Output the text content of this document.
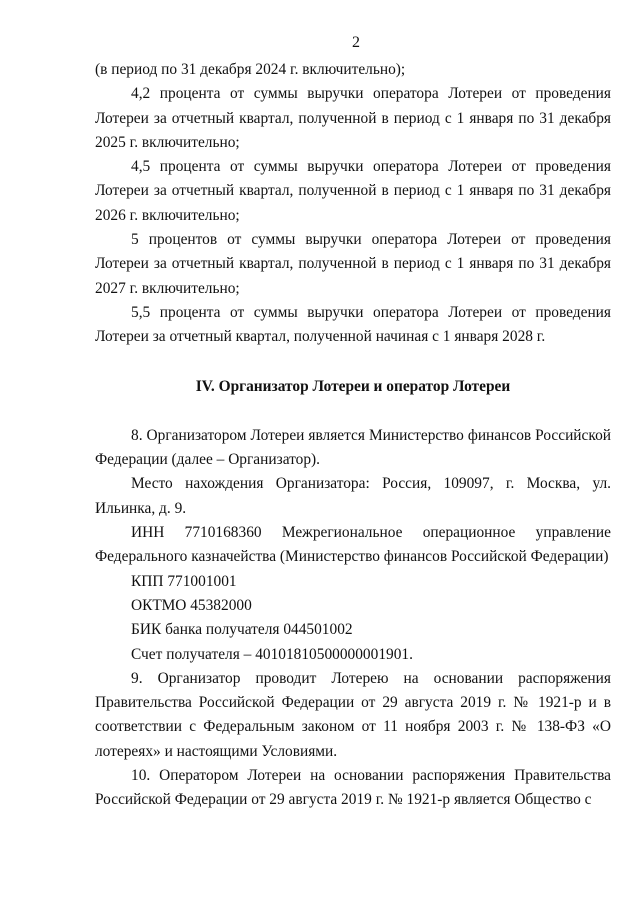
2

(в период по 31 декабря 2024 г. включительно);

4,2 процента от суммы выручки оператора Лотереи от проведения Лотереи за отчетный квартал, полученной в период с 1 января по 31 декабря 2025 г. включительно;

4,5 процента от суммы выручки оператора Лотереи от проведения Лотереи за отчетный квартал, полученной в период с 1 января по 31 декабря 2026 г. включительно;

5 процентов от суммы выручки оператора Лотереи от проведения Лотереи за отчетный квартал, полученной в период с 1 января по 31 декабря 2027 г. включительно;

5,5 процента от суммы выручки оператора Лотереи от проведения Лотереи за отчетный квартал, полученной начиная с 1 января 2028 г.

IV. Организатор Лотереи и оператор Лотереи

8. Организатором Лотереи является Министерство финансов Российской Федерации (далее – Организатор).

Место нахождения Организатора: Россия, 109097, г. Москва, ул. Ильинка, д. 9.

ИНН 7710168360 Межрегиональное операционное управление Федерального казначейства (Министерство финансов Российской Федерации)

КПП 771001001

ОКТМО 45382000

БИК банка получателя 044501002

Счет получателя – 40101810500000001901.

9. Организатор проводит Лотерею на основании распоряжения Правительства Российской Федерации от 29 августа 2019 г. № 1921-р и в соответствии с Федеральным законом от 11 ноября 2003 г. № 138-ФЗ «О лотереях» и настоящими Условиями.

10. Оператором Лотереи на основании распоряжения Правительства Российской Федерации от 29 августа 2019 г. № 1921-р является Общество с
